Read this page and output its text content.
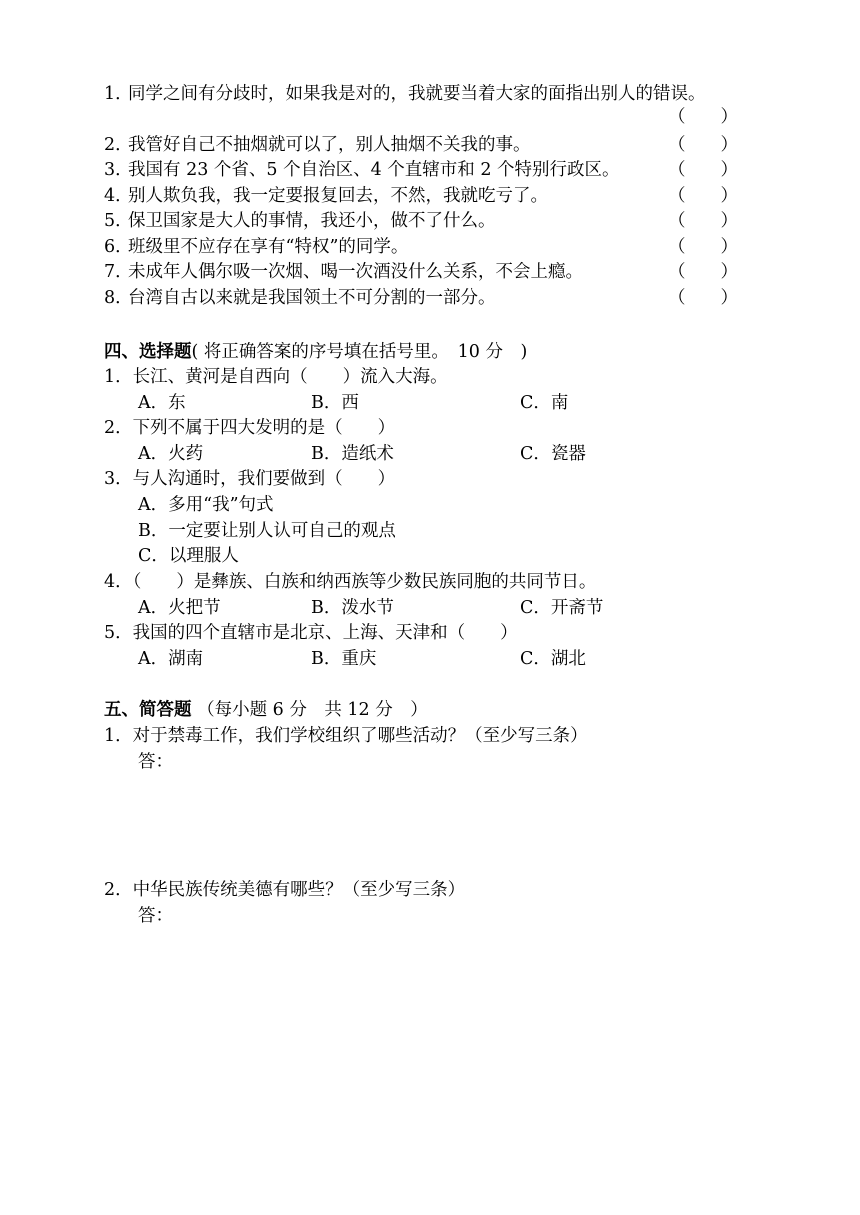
1．
同学之间有分歧时，如果我是对的，我就要当着大家的面指出别人的错误。
（　　）
2．
我管好自己不抽烟就可以了，别人抽烟不关我的事。	（　　）
3．
我国有 23 个省、5 个自治区、4 个直辖市和 2 个特别行政区。	（　　）
4．
别人欺负我，我一定要报复回去，不然，我就吃亏了。	（　　）
5．
保卫国家是大人的事情，我还小，做不了什么。	（　　）
6．
班级里不应存在享有“特权”的同学。	（　　）
7．
未成年人偶尔吸一次烟、喝一次酒没什么关系，不会上瘾。	（　　）
8．
台湾自古以来就是我国领土不可分割的一部分。	（　　）
四、选择题( 将正确答案的序号填在括号里。　10 分　)
1．长江、黄河是自西向（　　）流入大海。
A．东	B．西	C．南
2．下列不属于四大发明的是（　　）
A．火药	B．造纸术	C．瓷器
3．与人沟通时，我们要做到（　　）
A．多用“我”句式
B．一定要让别人认可自己的观点
C．以理服人
4．（　　）是彝族、白族和纳西族等少数民族同胞的共同节日。
A．火把节	B．泼水节	C．开斋节
5．我国的四个直辖市是北京、上海、天津和（　　）
A．湖南	B．重庆	C．湖北
五、简答题 （每小题 6 分　共 12 分　）
1．对于禁毒工作，我们学校组织了哪些活动？（至少写三条）
答：
2．中华民族传统美德有哪些？（至少写三条）
答：
